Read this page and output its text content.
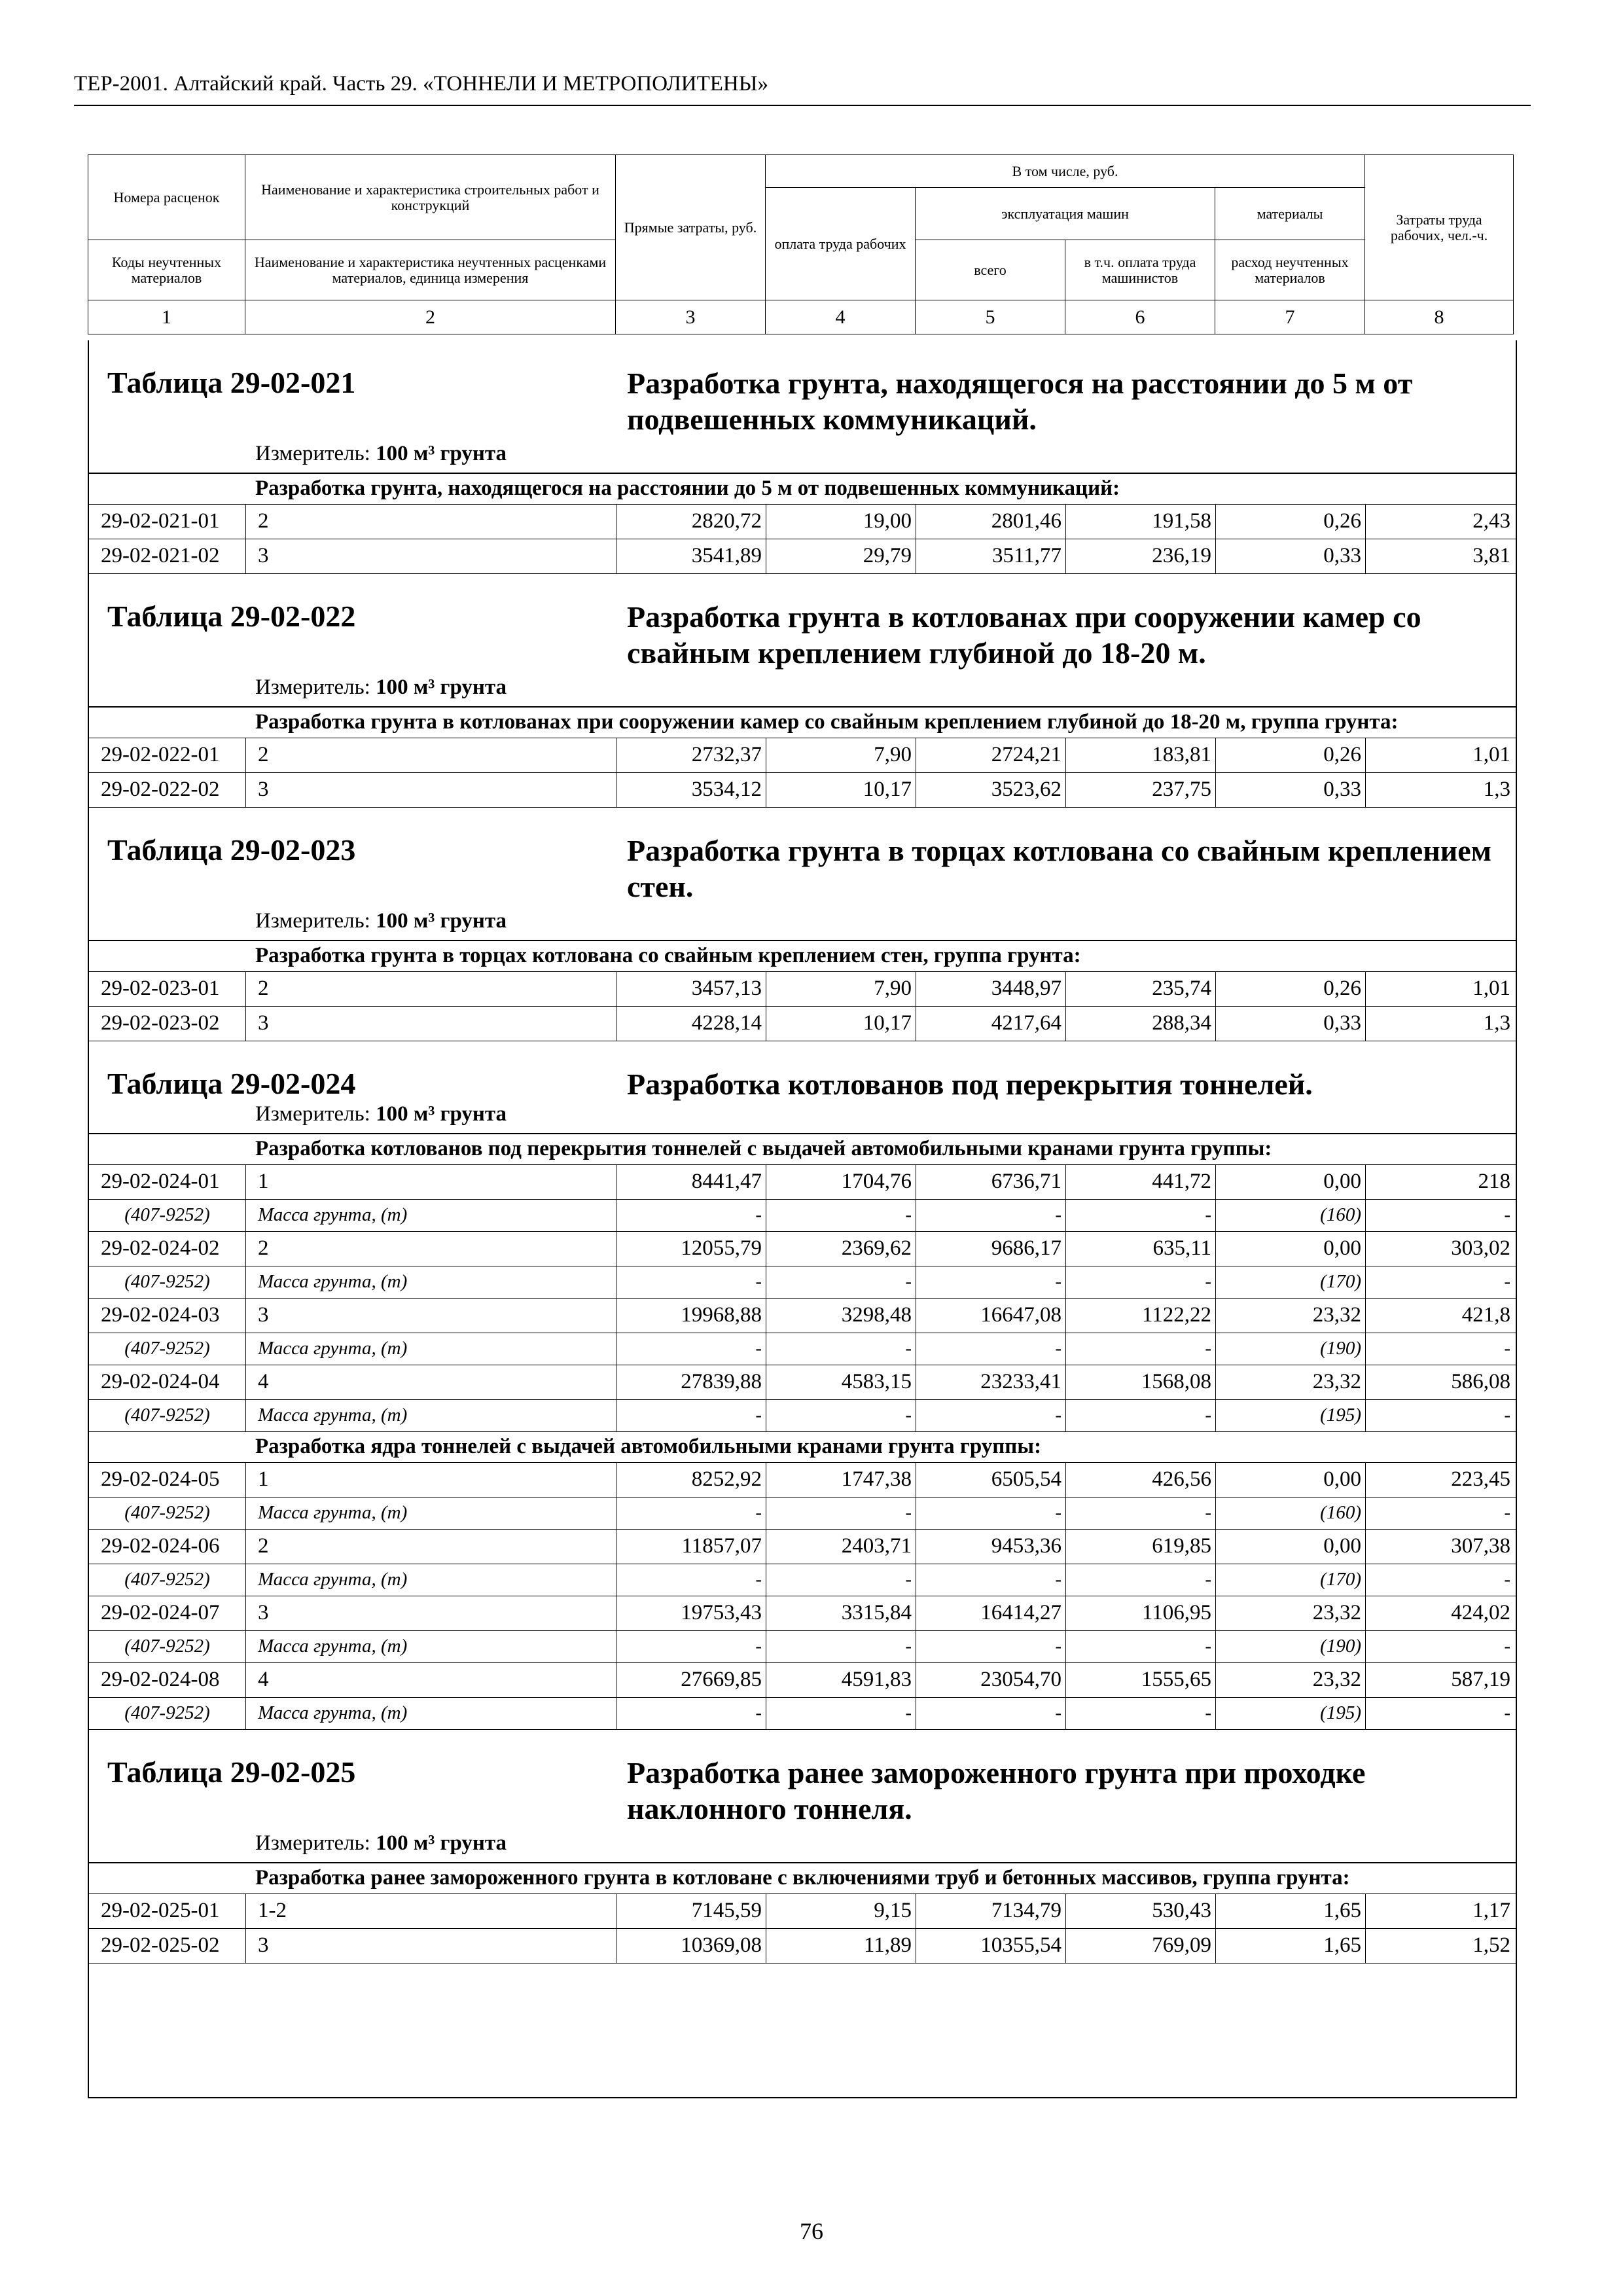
ТЕР-2001. Алтайский край. Часть 29. «ТОННЕЛИ И МЕТРОПОЛИТЕНЫ»
Номера расценок	Наименование и характеристика строительных работ и конструкций	Прямые затраты, руб.	В том числе, руб.				Затраты труда рабочих, чел.-ч.
			оплата труда рабочих	эксплуатация машин		материалы	
Коды неучтенных материалов	Наименование и характеристика неучтенных расценками материалов, единица измерения			всего	в т.ч. оплата труда машинистов	расход неучтенных материалов	

1	2	3	4	5	6	7	8
Таблица 29-02-021	Разработка грунта, находящегося на расстоянии до 5 м от подвешенных коммуникаций.
Измеритель: 100 м³ грунта
Разработка грунта, находящегося на расстоянии до 5 м от подвешенных коммуникаций:
29-02-021-01	2	2820,72	19,00	2801,46	191,58	0,26	2,43
29-02-021-02	3	3541,89	29,79	3511,77	236,19	0,33	3,81
Таблица 29-02-022	Разработка грунта в котлованах при сооружении камер со свайным креплением глубиной до 18-20 м.
Измеритель: 100 м³ грунта
Разработка грунта в котлованах при сооружении камер со свайным креплением глубиной до 18-20 м, группа грунта:
29-02-022-01	2	2732,37	7,90	2724,21	183,81	0,26	1,01
29-02-022-02	3	3534,12	10,17	3523,62	237,75	0,33	1,3
Таблица 29-02-023	Разработка грунта в торцах котлована со свайным креплением стен.
Измеритель: 100 м³ грунта
Разработка грунта в торцах котлована со свайным креплением стен, группа грунта:
29-02-023-01	2	3457,13	7,90	3448,97	235,74	0,26	1,01
29-02-023-02	3	4228,14	10,17	4217,64	288,34	0,33	1,3
Таблица 29-02-024	Разработка котлованов под перекрытия тоннелей.
Измеритель: 100 м³ грунта
Разработка котлованов под перекрытия тоннелей с выдачей автомобильными кранами грунта группы:
29-02-024-01	1	8441,47	1704,76	6736,71	441,72	0,00	218
(407-9252)	Масса грунта, (т)	-	-	-	-	(160)	-
29-02-024-02	2	12055,79	2369,62	9686,17	635,11	0,00	303,02
(407-9252)	Масса грунта, (т)	-	-	-	-	(170)	-
29-02-024-03	3	19968,88	3298,48	16647,08	1122,22	23,32	421,8
(407-9252)	Масса грунта, (т)	-	-	-	-	(190)	-
29-02-024-04	4	27839,88	4583,15	23233,41	1568,08	23,32	586,08
(407-9252)	Масса грунта, (т)	-	-	-	-	(195)	-
Разработка ядра тоннелей с выдачей автомобильными кранами грунта группы:
29-02-024-05	1	8252,92	1747,38	6505,54	426,56	0,00	223,45
(407-9252)	Масса грунта, (т)	-	-	-	-	(160)	-
29-02-024-06	2	11857,07	2403,71	9453,36	619,85	0,00	307,38
(407-9252)	Масса грунта, (т)	-	-	-	-	(170)	-
29-02-024-07	3	19753,43	3315,84	16414,27	1106,95	23,32	424,02
(407-9252)	Масса грунта, (т)	-	-	-	-	(190)	-
29-02-024-08	4	27669,85	4591,83	23054,70	1555,65	23,32	587,19
(407-9252)	Масса грунта, (т)	-	-	-	-	(195)	-
Таблица 29-02-025	Разработка ранее замороженного грунта при проходке наклонного тоннеля.
Измеритель: 100 м³ грунта
Разработка ранее замороженного грунта в котловане с включениями труб и бетонных массивов, группа грунта:
29-02-025-01	1-2	7145,59	9,15	7134,79	530,43	1,65	1,17
29-02-025-02	3	10369,08	11,89	10355,54	769,09	1,65	1,52
76
